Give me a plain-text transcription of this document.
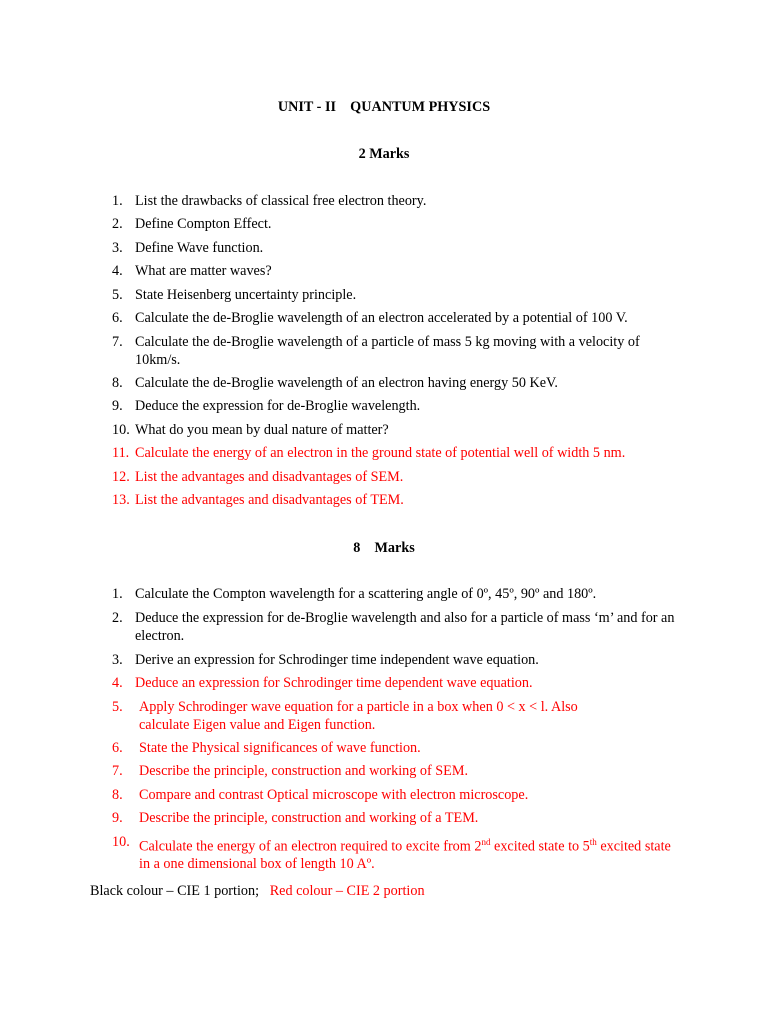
UNIT - II    QUANTUM PHYSICS
2 Marks
1. List the drawbacks of classical free electron theory.
2. Define Compton Effect.
3. Define Wave function.
4. What are matter waves?
5. State Heisenberg uncertainty principle.
6. Calculate the de-Broglie wavelength of an electron accelerated by a potential of 100 V.
7. Calculate the de-Broglie wavelength of a particle of mass 5 kg moving with a velocity of 10km/s.
8. Calculate the de-Broglie wavelength of an electron having energy 50 KeV.
9. Deduce the expression for de-Broglie wavelength.
10. What do you mean by dual nature of matter?
11. Calculate the energy of an electron in the ground state of potential well of width 5 nm.
12. List the advantages and disadvantages of SEM.
13. List the advantages and disadvantages of TEM.
8    Marks
1. Calculate the Compton wavelength for a scattering angle of 0º, 45º, 90º and 180º.
2. Deduce the expression for de-Broglie wavelength and also for a particle of mass ‘m’ and for an electron.
3. Derive an expression for Schrodinger time independent wave equation.
4. Deduce an expression for Schrodinger time dependent wave equation.
5. Apply Schrodinger wave equation for a particle in a box when 0 < x < l. Also calculate Eigen value and Eigen function.
6. State the Physical significances of wave function.
7. Describe the principle, construction and working of SEM.
8. Compare and contrast Optical microscope with electron microscope.
9. Describe the principle, construction and working of a TEM.
10. Calculate the energy of an electron required to excite from 2nd excited state to 5th excited state in a one dimensional box of length 10 Aº.
Black colour – CIE 1 portion; Red colour – CIE 2 portion
